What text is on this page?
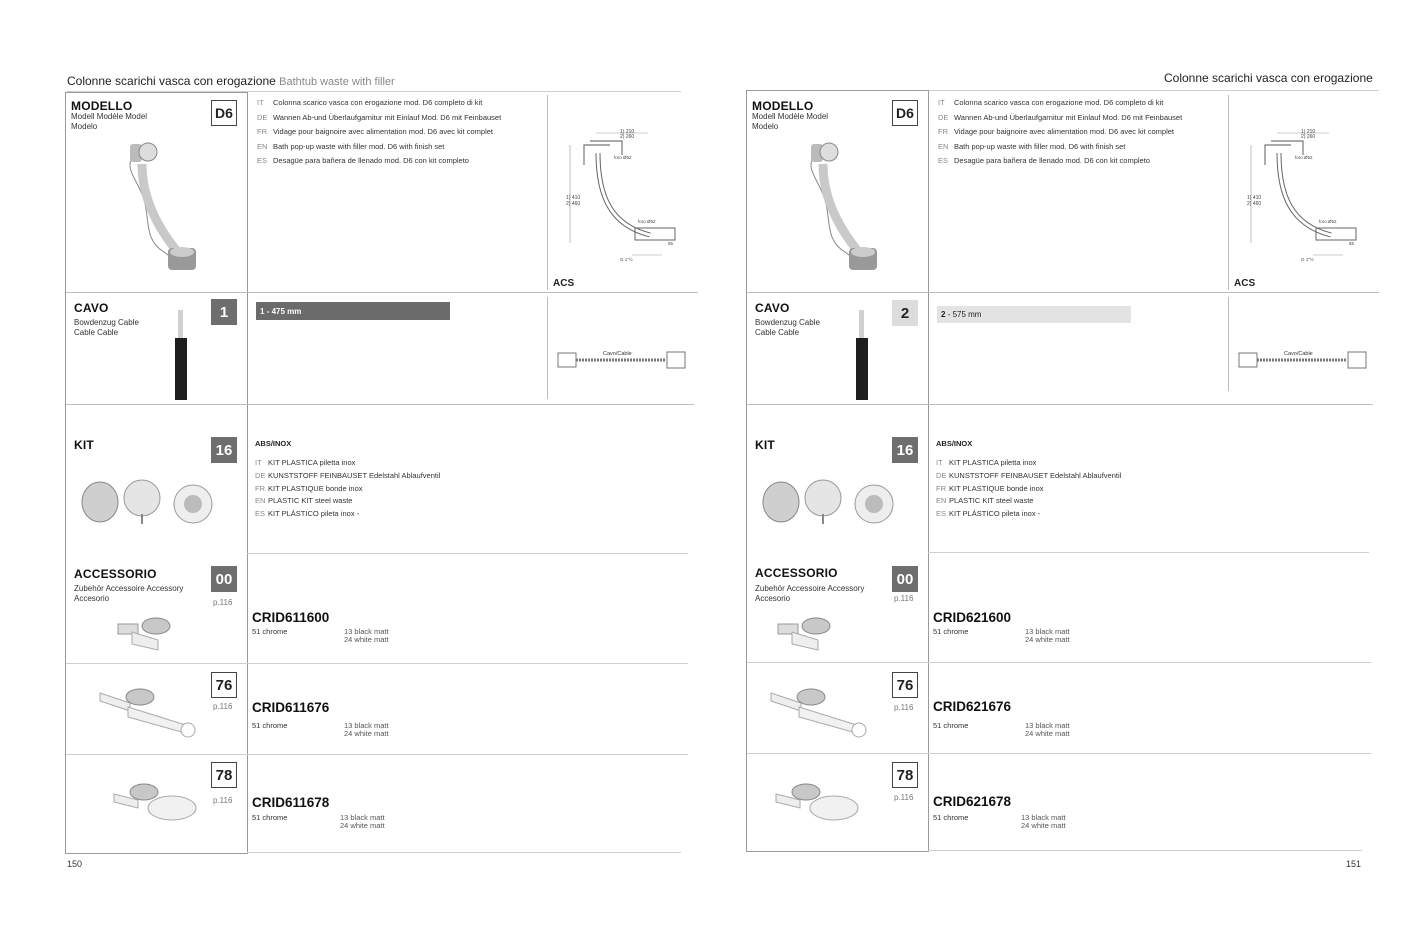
Colonne scarichi vasca con erogazione Bathtub waste with filler
MODELLO
Modell Modèle Model Modelo
D6
IT Colonna scarico vasca con erogazione mod. D6 completo di kit
DE Wannen Ab-und Überlaufgarnitur mit Einlauf Mod. D6 mit Feinbauset
FR Vidage pour baignoire avec alimentation mod. D6 avec kit complet
EN Bath pop-up waste with filler mod. D6 with finish set
ES Desagüe para bañera de llenado mod. D6 con kit completo
1) 210
2) 260
foro Ø52
1) 410
2) 460
foro Ø52
G 1"½
85
ACS
CAVO
Bowdenzug Cable Cable Cable
1	1
- 475 mm
Cavo/Cable
KIT	16	ABS/INOX
IT KIT PLASTICA piletta inox
DE KUNSTSTOFF FEINBAUSET Edelstahl Ablaufventil
FR KIT PLASTIQUE bonde inox
EN PLASTIC KIT steel waste
ES KIT PLÁSTICO pileta inox -
ACCESSORIO
Zubehör Accessoire Accessory Accesorio
00
p.116
CRID611600
51 chrome	13 black matt
24 white matt
76
p.116 CRID611676
51 chrome	13 black matt
24 white matt
78
p.116 CRID611678
51 chrome	13 black matt
24 white matt
150
Colonne scarichi vasca con erogazione
MODELLO
Modell Modèle Model Modelo
D6
IT Colonna scarico vasca con erogazione mod. D6 completo di kit
DE Wannen Ab-und Überlaufgarnitur mit Einlauf Mod. D6 mit Feinbauset
FR Vidage pour baignoire avec alimentation mod. D6 avec kit complet
EN Bath pop-up waste with filler mod. D6 with finish set
ES Desagüe para bañera de llenado mod. D6 con kit completo
1) 210
2) 260
foro Ø52
1) 410
2) 460
foro Ø52
G 1"½
85
ACS
CAVO
Bowdenzug Cable Cable Cable
2	2
- 575 mm
Cavo/Cable
KIT	16	ABS/INOX
IT KIT PLASTICA piletta inox
DE KUNSTSTOFF FEINBAUSET Edelstahl Ablaufventil
FR KIT PLASTIQUE bonde inox
EN PLASTIC KIT steel waste
ES KIT PLÁSTICO pileta inox -
ACCESSORIO
Zubehör Accessoire Accessory Accesorio
00
p.116
CRID621600
51 chrome	13 black matt
24 white matt
76
p.116 CRID621676
51 chrome	13 black matt
24 white matt
78
p.116 CRID621678
51 chrome	13 black matt
24 white matt
151
